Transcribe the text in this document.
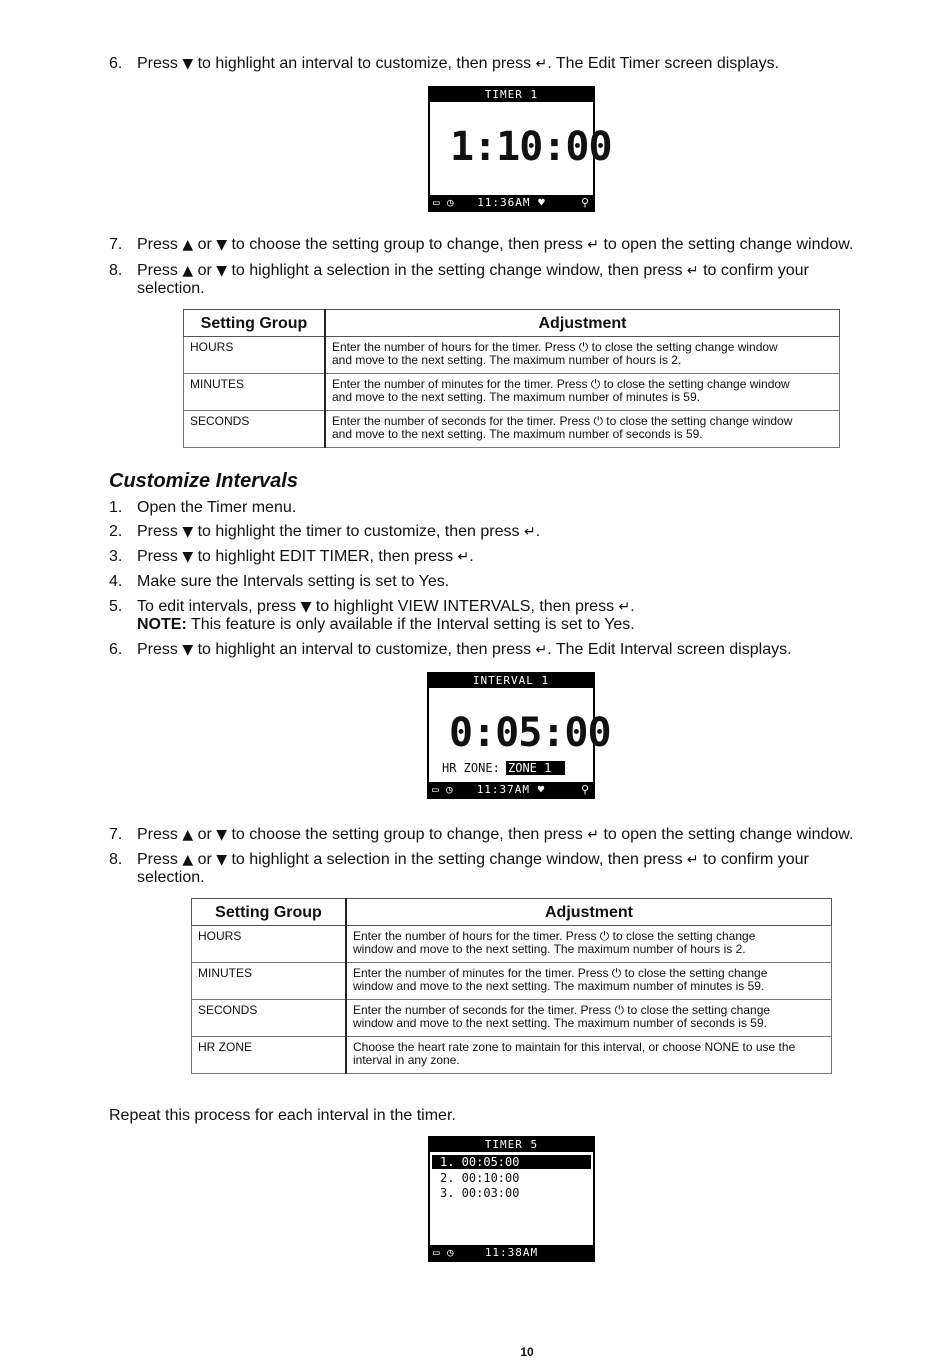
6. Press ▼ to highlight an interval to customize, then press ↵. The Edit Timer screen displays.
TIMER 1
1:10:00
▭ ◷ 11:36AM ♥	⚲
7. Press ▲ or ▼ to choose the setting group to change, then press ↵ to open the setting change window.
8. Press ▲ or ▼ to highlight a selection in the setting change window, then press ↵ to confirm your
selection.
Setting Group	Adjustment
HOURS	Enter the number of hours for the timer. Press ⏻ to close the setting change window
and move to the next setting. The maximum number of hours is 2.

MINUTES	Enter the number of minutes for the timer. Press ⏻ to close the setting change window
and move to the next setting. The maximum number of minutes is 59.

SECONDS	Enter the number of seconds for the timer. Press ⏻ to close the setting change window
and move to the next setting. The maximum number of seconds is 59.
Customize Intervals
1. Open the Timer menu.
2. Press ▼ to highlight the timer to customize, then press ↵.
3. Press ▼ to highlight EDIT TIMER, then press ↵.
4. Make sure the Intervals setting is set to Yes.
5. To edit intervals, press ▼ to highlight VIEW INTERVALS, then press ↵.
NOTE: This feature is only available if the Interval setting is set to Yes.
6. Press ▼ to highlight an interval to customize, then press ↵. The Edit Interval screen displays.
INTERVAL 1
0:05:00
HR ZONE: ZONE 1
▭ ◷ 11:37AM ♥	⚲
7. Press ▲ or ▼ to choose the setting group to change, then press ↵ to open the setting change window.
8. Press ▲ or ▼ to highlight a selection in the setting change window, then press ↵ to confirm your
selection.
Setting Group	Adjustment
HOURS	Enter the number of hours for the timer. Press ⏻ to close the setting change
window and move to the next setting. The maximum number of hours is 2.

MINUTES	Enter the number of minutes for the timer. Press ⏻ to close the setting change
window and move to the next setting. The maximum number of minutes is 59.

SECONDS	Enter the number of seconds for the timer. Press ⏻ to close the setting change
window and move to the next setting. The maximum number of seconds is 59.

HR ZONE	Choose the heart rate zone to maintain for this interval, or choose NONE to use the
interval in any zone.
Repeat this process for each interval in the timer.
TIMER 5
1. 00:05:00
2. 00:10:00
3. 00:03:00
▭ ◷	11:38AM
10
